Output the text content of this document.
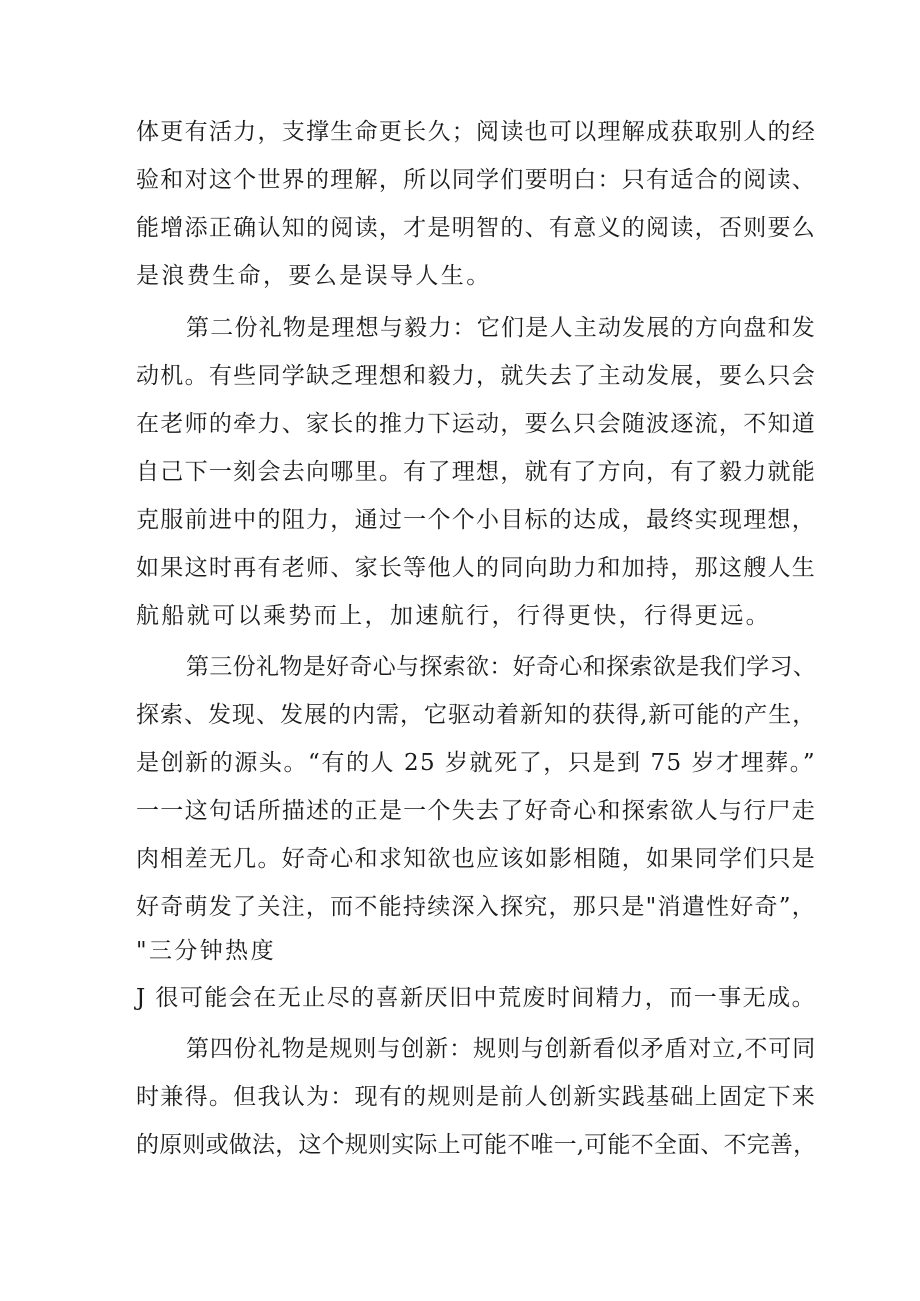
体更有活力，支撑生命更长久；阅读也可以理解成获取别人的经
验和对这个世界的理解，所以同学们要明白：只有适合的阅读、
能增添正确认知的阅读，才是明智的、有意义的阅读，否则要么
是浪费生命，要么是误导人生。
第二份礼物是理想与毅力：它们是人主动发展的方向盘和发
动机。有些同学缺乏理想和毅力，就失去了主动发展，要么只会
在老师的牵力、家长的推力下运动，要么只会随波逐流，不知道
自己下一刻会去向哪里。有了理想，就有了方向，有了毅力就能
克服前进中的阻力，通过一个个小目标的达成，最终实现理想，
如果这时再有老师、家长等他人的同向助力和加持，那这艘人生
航船就可以乘势而上，加速航行，行得更快，行得更远。
第三份礼物是好奇心与探索欲：好奇心和探索欲是我们学习、
探索、发现、发展的内需，它驱动着新知的获得,新可能的产生，
是创新的源头。“有的人 25 岁就死了，只是到 75 岁才埋葬。”
一一这句话所描述的正是一个失去了好奇心和探索欲人与行尸走
肉相差无几。好奇心和求知欲也应该如影相随，如果同学们只是
好奇萌发了关注，而不能持续深入探究，那只是"消遣性好奇”，
"三分钟热度
J 很可能会在无止尽的喜新厌旧中荒废时间精力，而一事无成。
第四份礼物是规则与创新：规则与创新看似矛盾对立,不可同
时兼得。但我认为：现有的规则是前人创新实践基础上固定下来
的原则或做法，这个规则实际上可能不唯一,可能不全面、不完善，
